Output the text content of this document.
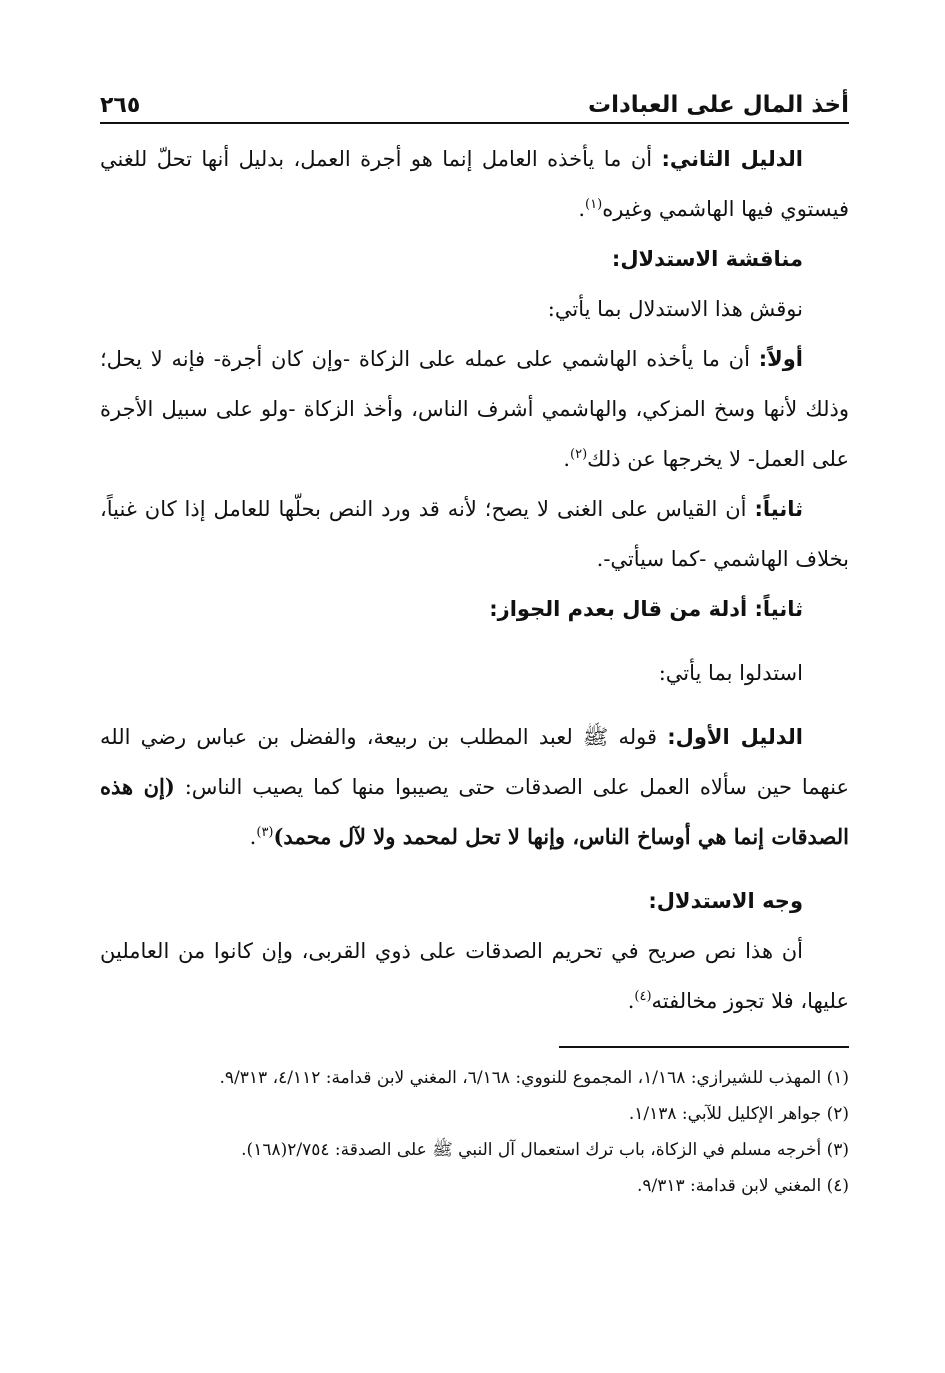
أخذ المال على العبادات
٢٦٥

الدليل الثاني: أن ما يأخذه العامل إنما هو أجرة العمل، بدليل أنها تحلّ للغني فيستوي فيها الهاشمي وغيره$^{(١)}$.

مناقشة الاستدلال:

نوقش هذا الاستدلال بما يأتي:

أولاً: أن ما يأخذه الهاشمي على عمله على الزكاة -وإن كان أجرة- فإنه لا يحل؛ وذلك لأنها وسخ المزكي، والهاشمي أشرف الناس، وأخذ الزكاة -ولو على سبيل الأجرة على العمل- لا يخرجها عن ذلك$^{(٢)}$.

ثانياً: أن القياس على الغنى لا يصح؛ لأنه قد ورد النص بحلّها للعامل إذا كان غنياً، بخلاف الهاشمي -كما سيأتي-.

ثانياً: أدلة من قال بعدم الجواز:

استدلوا بما يأتي:

الدليل الأول: قوله ﷺ لعبد المطلب بن ربيعة، والفضل بن عباس رضي الله عنهما حين سألاه العمل على الصدقات حتى يصيبوا منها كما يصيب الناس: (إن هذه الصدقات إنما هي أوساخ الناس، وإنها لا تحل لمحمد ولا لآل محمد)$^{(٣)}$.

وجه الاستدلال:

أن هذا نص صريح في تحريم الصدقات على ذوي القربى، وإن كانوا من العاملين عليها، فلا تجوز مخالفته$^{(٤)}$.

(١) المهذب للشيرازي: ١/١٦٨، المجموع للنووي: ٦/١٦٨، المغني لابن قدامة: ٤/١١٢، ٩/٣١٣.

(٢) جواهر الإكليل للآبي: ١/١٣٨.

(٣) أخرجه مسلم في الزكاة، باب ترك استعمال آل النبي ﷺ على الصدقة: ٢/٧٥٤(١٦٨).

(٤) المغني لابن قدامة: ٩/٣١٣.
